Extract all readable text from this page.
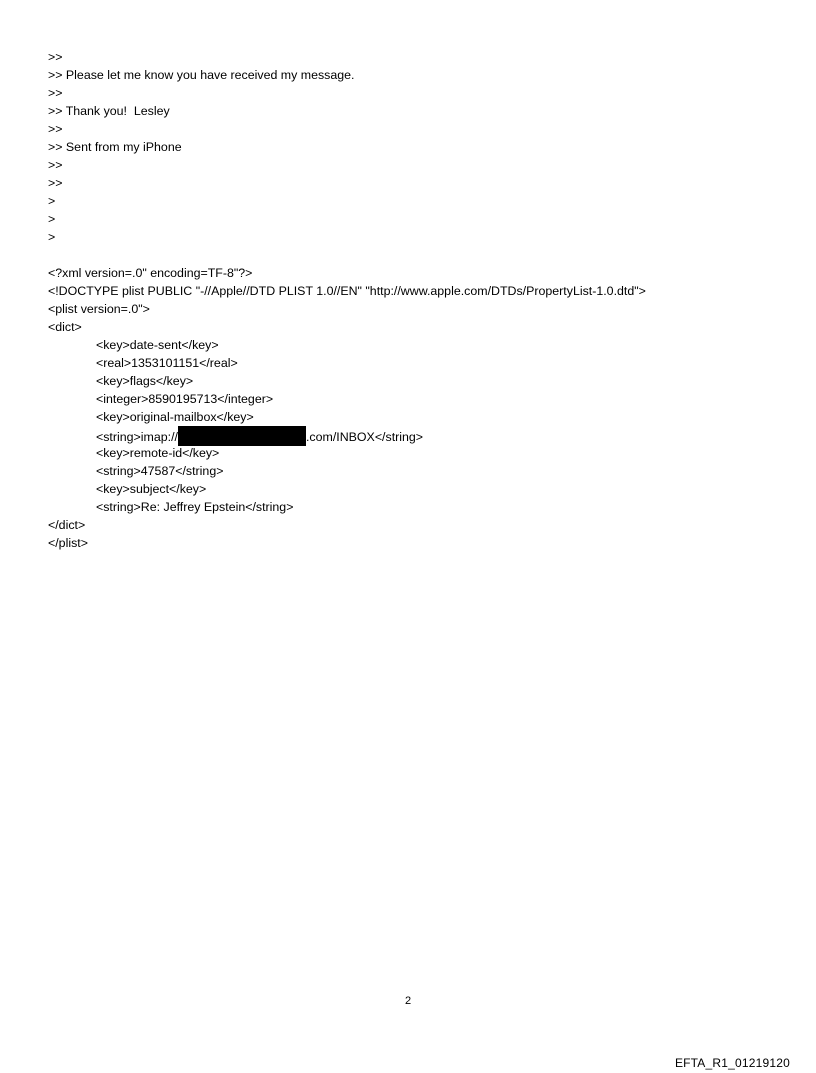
>>
>> Please let me know you have received my message.
>>
>> Thank you!  Lesley
>>
>> Sent from my iPhone
>>
>>
>
>
>
<?xml version=.0" encoding=TF-8"?>
<!DOCTYPE plist PUBLIC "-//Apple//DTD PLIST 1.0//EN" "http://www.apple.com/DTDs/PropertyList-1.0.dtd">
<plist version=.0">
<dict>
<key>date-sent</key>
<real>1353101151</real>
<key>flags</key>
<integer>8590195713</integer>
<key>original-mailbox</key>
<string>imap://	.com/INBOX</string>
<key>remote-id</key>
<string>47587</string>
<key>subject</key>
<string>Re: Jeffrey Epstein</string>
</dict>
</plist>
2
EFTA_R1_01219120
